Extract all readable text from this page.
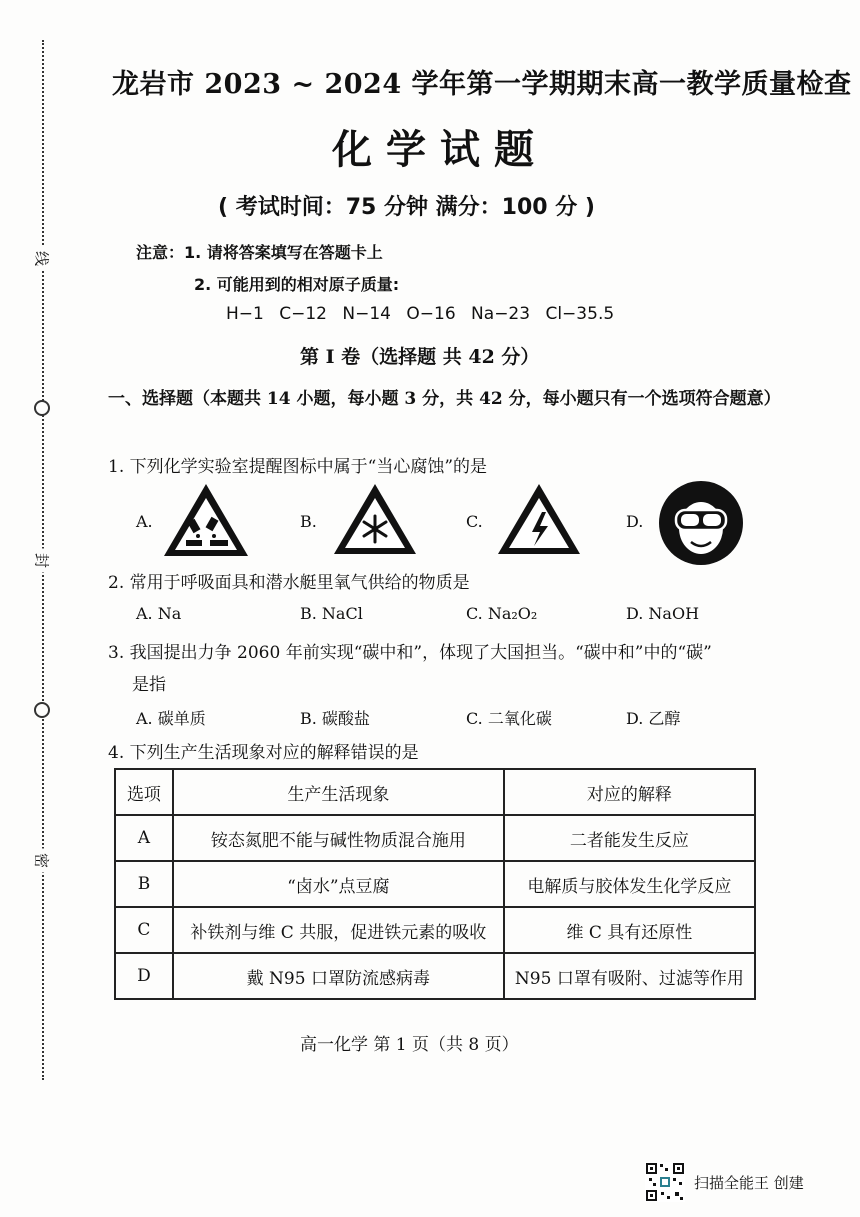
线
封
密
龙岩市 2023 ~ 2024 学年第一学期期末高一教学质量检查
化学试题
( 考试时间：75 分钟 满分：100 分 )
注意：1. 请将答案填写在答题卡上
2. 可能用到的相对原子质量:
H−1 C−12 N−14 O−16 Na−23 Cl−35.5
第 I 卷（选择题 共 42 分）
一、选择题（本题共 14 小题，每小题 3 分，共 42 分，每小题只有一个选项符合题意）
1. 下列化学实验室提醒图标中属于“当心腐蚀”的是
A.	B.	C.	D.
2. 常用于呼吸面具和潜水艇里氧气供给的物质是
A. Na	B. NaCl	C. Na₂O₂	D. NaOH
3. 我国提出力争 2060 年前实现“碳中和”，体现了大国担当。“碳中和”中的“碳”
是指
A. 碳单质	B. 碳酸盐	C. 二氧化碳	D. 乙醇
4. 下列生产生活现象对应的解释错误的是
选项	生产生活现象	对应的解释
A	铵态氮肥不能与碱性物质混合施用	二者能发生反应
B	“卤水”点豆腐	电解质与胶体发生化学反应
C	补铁剂与维 C 共服，促进铁元素的吸收	维 C 具有还原性
D	戴 N95 口罩防流感病毒	N95 口罩有吸附、过滤等作用
高一化学 第 1 页（共 8 页）
扫描全能王 创建
